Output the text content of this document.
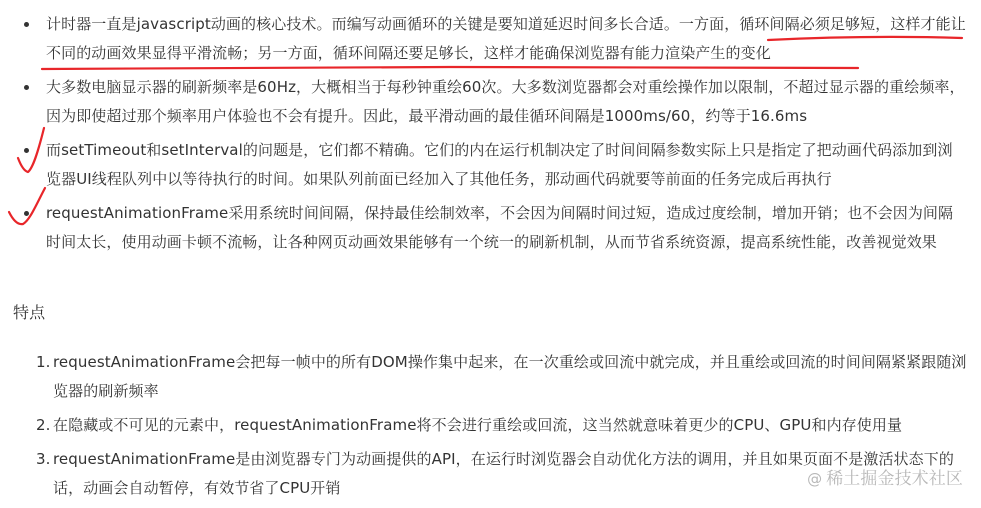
计时器一直是javascript动画的核心技术。而编写动画循环的关键是要知道延迟时间多长合适。一方面，循环间隔必须足够短，这样才能让不同的动画效果显得平滑流畅；另一方面，循环间隔还要足够长，这样才能确保浏览器有能力渲染产生的变化
大多数电脑显示器的刷新频率是60Hz，大概相当于每秒钟重绘60次。大多数浏览器都会对重绘操作加以限制，不超过显示器的重绘频率，因为即使超过那个频率用户体验也不会有提升。因此，最平滑动画的最佳循环间隔是1000ms/60，约等于16.6ms
而setTimeout和setInterval的问题是，它们都不精确。它们的内在运行机制决定了时间间隔参数实际上只是指定了把动画代码添加到浏览器UI线程队列中以等待执行的时间。如果队列前面已经加入了其他任务，那动画代码就要等前面的任务完成后再执行
requestAnimationFrame采用系统时间间隔，保持最佳绘制效率，不会因为间隔时间过短，造成过度绘制，增加开销；也不会因为间隔时间太长，使用动画卡顿不流畅，让各种网页动画效果能够有一个统一的刷新机制，从而节省系统资源，提高系统性能，改善视觉效果
特点
1. requestAnimationFrame会把每一帧中的所有DOM操作集中起来，在一次重绘或回流中就完成，并且重绘或回流的时间间隔紧紧跟随浏览器的刷新频率
2. 在隐藏或不可见的元素中，requestAnimationFrame将不会进行重绘或回流，这当然就意味着更少的CPU、GPU和内存使用量
3. requestAnimationFrame是由浏览器专门为动画提供的API，在运行时浏览器会自动优化方法的调用，并且如果页面不是激活状态下的话，动画会自动暂停，有效节省了CPU开销	@ 稀土掘金技术社区
